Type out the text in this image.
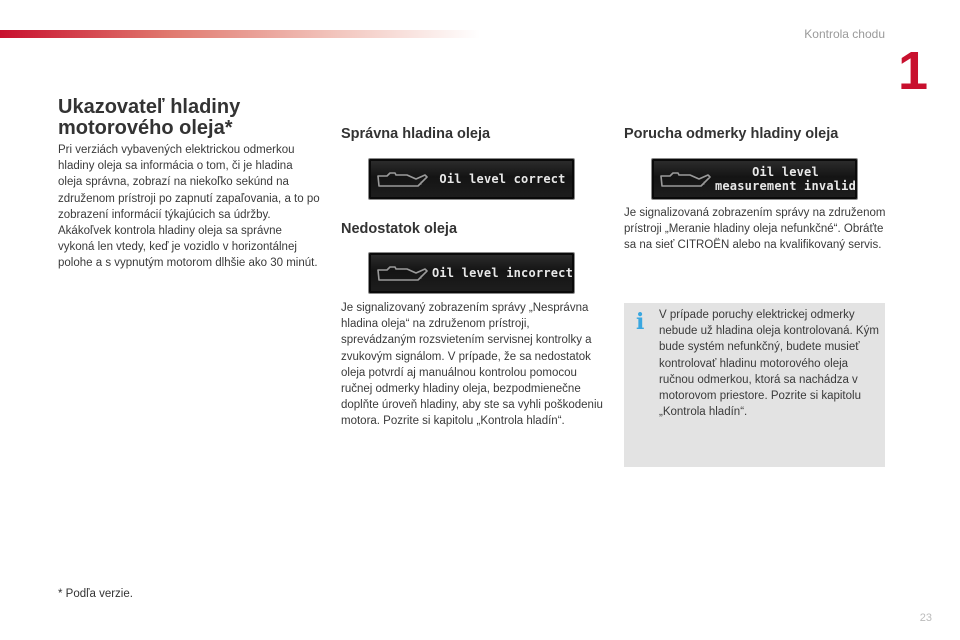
Kontrola chodu
1
Ukazovateľ hladiny
motorového oleja*

Pri verziách vybavených elektrickou odmerkou hladiny oleja sa informácia o tom, či je hladina oleja správna, zobrazí na niekoľko sekúnd na združenom prístroji po zapnutí zapaľovania, a to po zobrazení informácií týkajúcich sa údržby. Akákoľvek kontrola hladiny oleja sa správne vykoná len vtedy, keď je vozidlo v horizontálnej polohe a s vypnutým motorom dlhšie ako 30 minút.

Správna hladina oleja
Oil level correct
Nedostatok oleja
Oil level incorrect

Je signalizovaný zobrazením správy „Nesprávna hladina oleja“ na združenom prístroji, sprevádzaným rozsvietením servisnej kontrolky a zvukovým signálom. V prípade, že sa nedostatok oleja potvrdí aj manuálnou kontrolou pomocou ručnej odmerky hladiny oleja, bezpodmienečne doplňte úroveň hladiny, aby ste sa vyhli poškodeniu motora. Pozrite si kapitolu „Kontrola hladín“.

Porucha odmerky hladiny oleja
Oil level
measurement invalid

Je signalizovaná zobrazením správy na združenom prístroji „Meranie hladiny oleja nefunkčné“. Obráťte sa na sieť CITROËN alebo na kvalifikovaný servis.

i V prípade poruchy elektrickej odmerky nebude už hladina oleja kontrolovaná. Kým bude systém nefunkčný, budete musieť kontrolovať hladinu motorového oleja ručnou odmerkou, ktorá sa nachádza v motorovom priestore. Pozrite si kapitolu „Kontrola hladín“.

* Podľa verzie.
23
